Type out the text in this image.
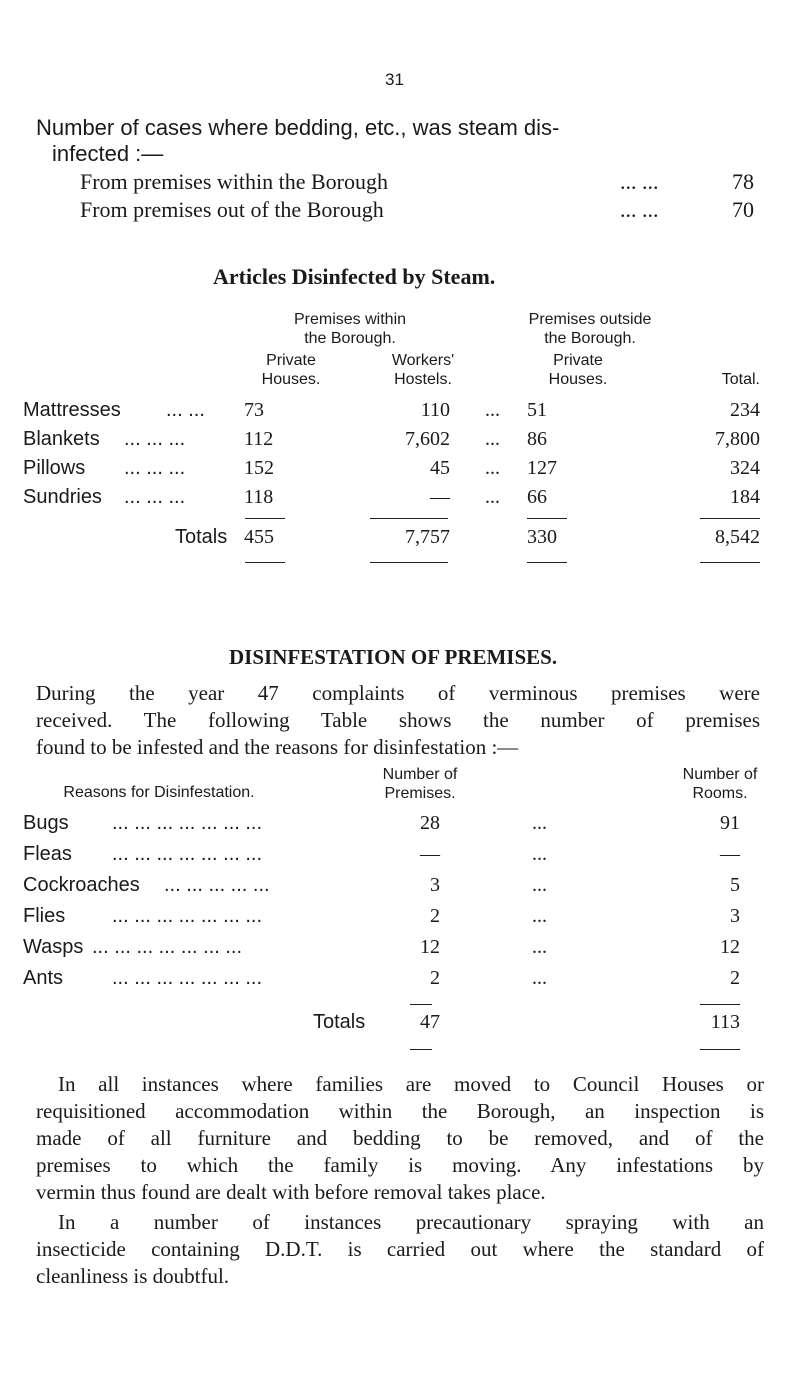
31
Number of cases where bedding, etc., was steam dis-
infected :—
From premises within the Borough	... ...	78
From premises out of the Borough	... ...	70
Articles Disinfected by Steam.
Premises within
the Borough.
Premises outside
the Borough.
Private
Houses.
Workers'
Hostels.
Private
Houses.	Total.
Mattresses ... ... 73	110 ... 51	234
Blankets ... ... ...	112	7,602 ... 86	7,800
Pillows ... ... ...	152	45 ... 127	324
Sundries ... ... ...	118	— ... 66	184
Totals 455	7,757	330	8,542
DISINFESTATION OF PREMISES.
During the year 47 complaints of verminous premises were
received. The following Table shows the number of premises
found to be infested and the reasons for disinfestation :—
Reasons for Disinfestation.
Number of
Premises.
Number of
Rooms.
Bugs ... ... ... ... ... ... ...	28	...	91
Fleas ... ... ... ... ... ... ...	—	...	—
Cockroaches ... ... ... ... ...	3	...	5
Flies ... ... ... ... ... ... ...	2	...	3
Wasps ... ... ... ... ... ... ...	12	...	12
Ants ... ... ... ... ... ... ...	2	...	2
Totals	47	113
In all instances where families are moved to Council Houses or
requisitioned accommodation within the Borough, an inspection is
made of all furniture and bedding to be removed, and of the
premises to which the family is moving. Any infestations by
vermin thus found are dealt with before removal takes place.
In a number of instances precautionary spraying with an
insecticide containing D.D.T. is carried out where the standard of
cleanliness is doubtful.
